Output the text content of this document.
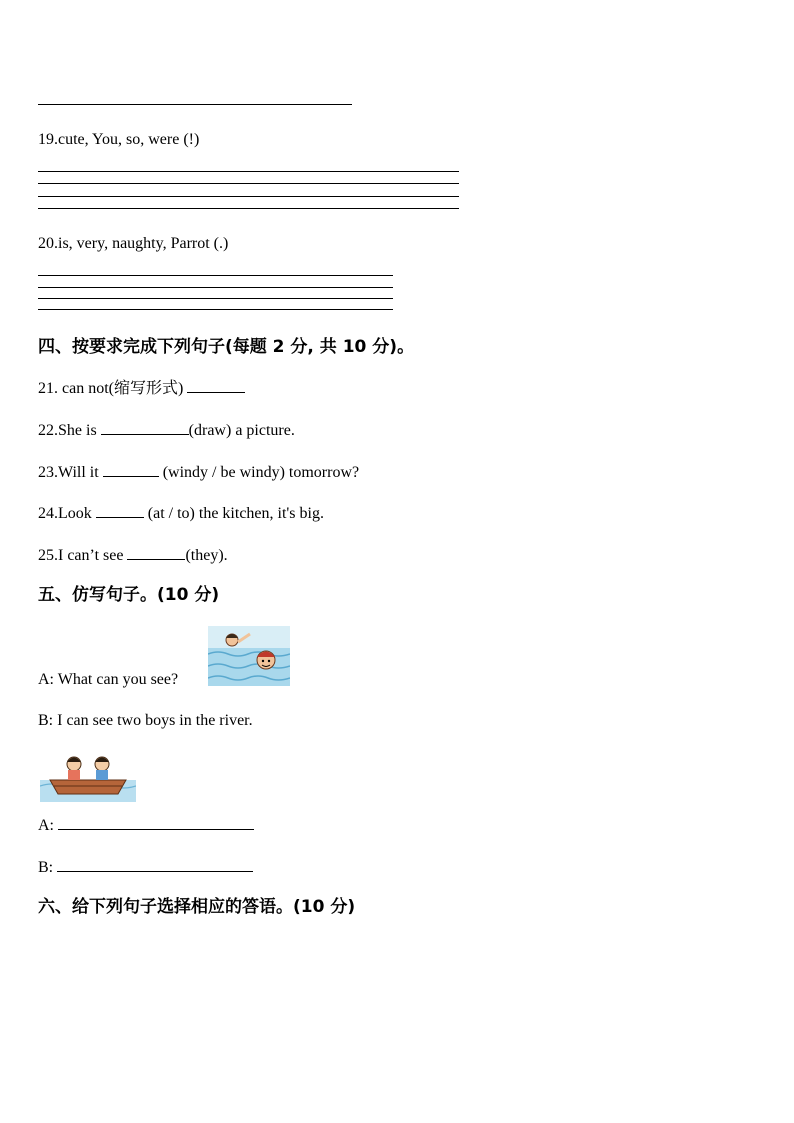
19.cute, You, so, were (!)
20.is, very, naughty, Parrot (.)
四、按要求完成下列句子(每题 2 分, 共 10 分)。
21. can not(缩写形式)
22.She is	(draw) a picture.
23.Will it	(windy / be windy) tomorrow?
24.Look	(at / to) the kitchen, it's big.
25.I can’t see	(they).
五、仿写句子。(10 分)
A: What can you see?
B: I can see two boys in the river.
A:
B:
六、给下列句子选择相应的答语。(10 分)
